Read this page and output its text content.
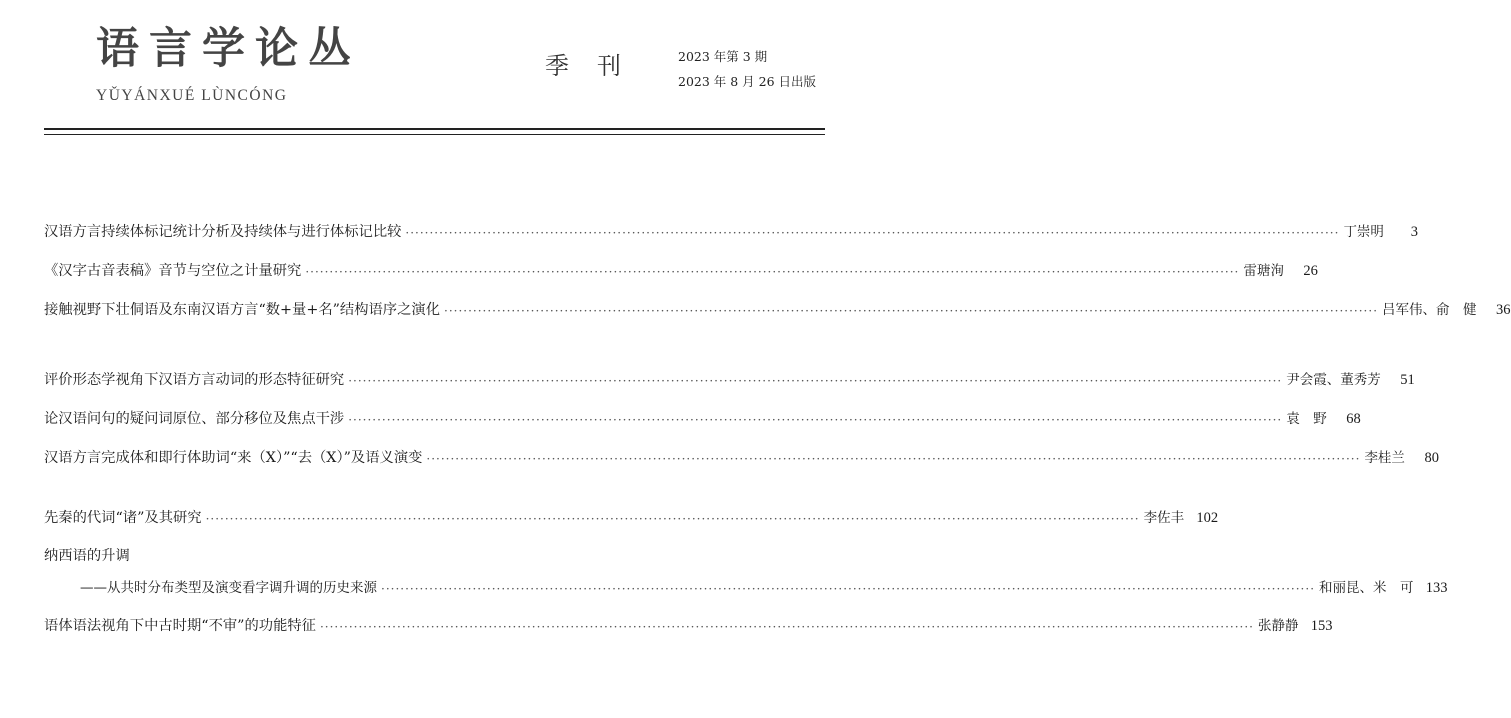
语言学论丛
YǓYÁNXUÉ LÙNCÓNG
季刊 2023 年第 3 期
2023 年 8 月 26 日出版
汉语方言持续体标记统计分析及持续体与进行体标记比较 ·····	丁崇明	3
《汉字古音表稿》音节与空位之计量研究 ·····	雷瑭洵	26
接触视野下壮侗语及东南汉语方言“数+量+名”结构语序之演化 ·····	吕军伟、俞　健	36
评价形态学视角下汉语方言动词的形态特征研究 ·····	尹会霞、董秀芳	51
论汉语问句的疑问词原位、部分移位及焦点干涉 ·····	袁　野	68
汉语方言完成体和即行体助词“来（X）”“去（X）”及语义演变 ·····	李桂兰	80
先秦的代词“诸”及其研究 ·····	李佐丰 102
纳西语的升调
——从共时分布类型及演变看字调升调的历史来源 ·····	和丽昆、米　可 133
语体语法视角下中古时期“不审”的功能特征 ·····	张静静 153
